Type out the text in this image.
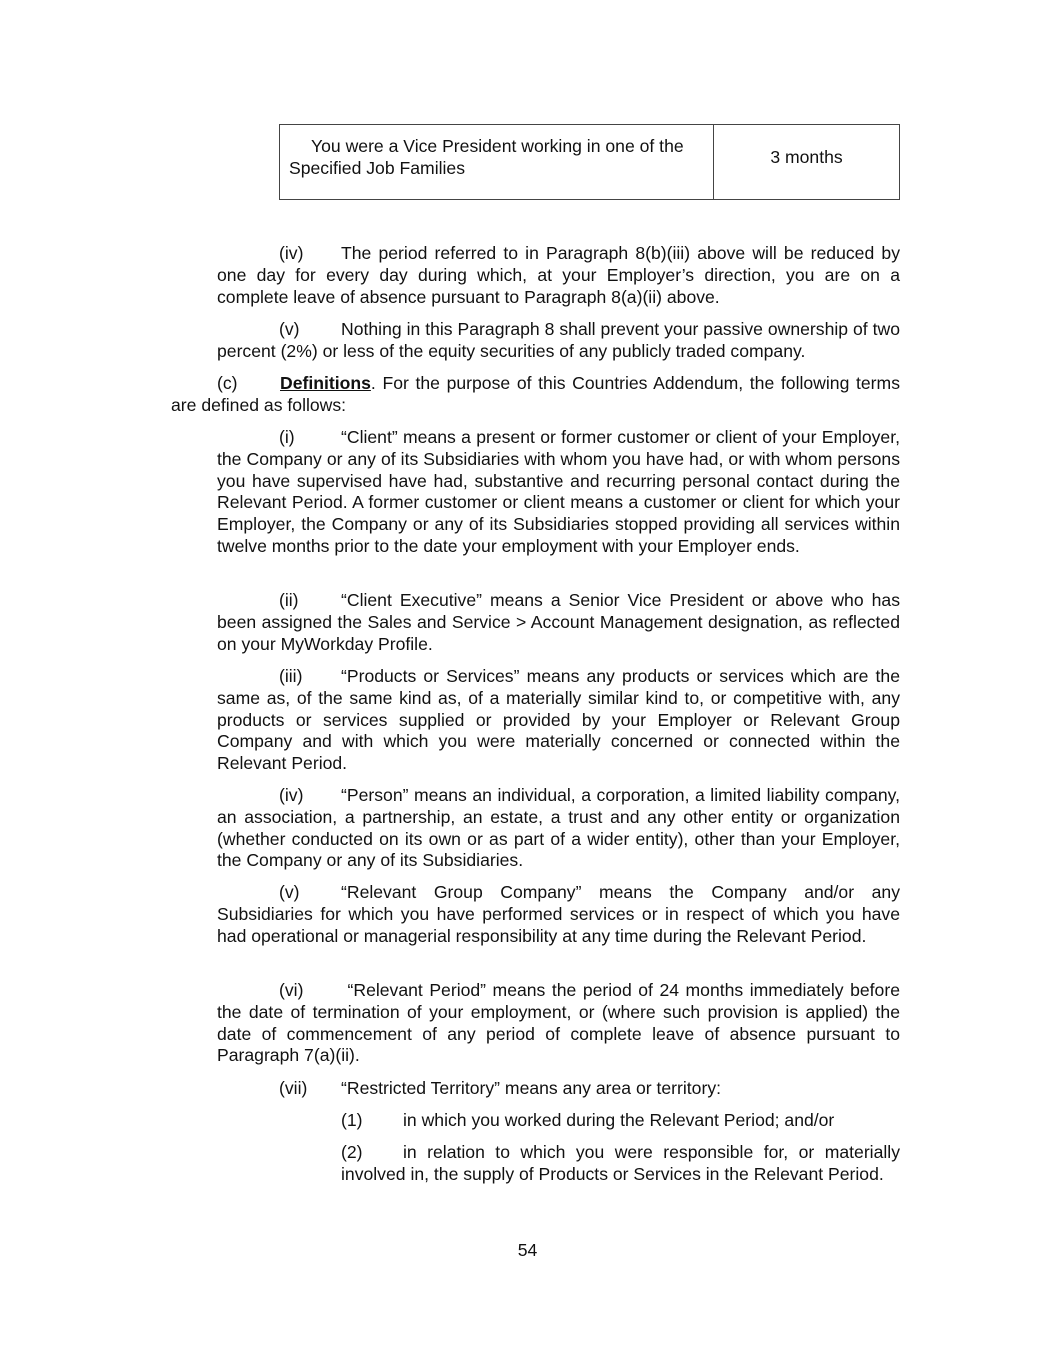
You were a Vice President working in one of the Specified Job Families
3 months

(iv) The period referred to in Paragraph 8(b)(iii) above will be reduced by one day for every day during which, at your Employer’s direction, you are on a complete leave of absence pursuant to Paragraph 8(a)(ii) above.

(v) Nothing in this Paragraph 8 shall prevent your passive ownership of two percent (2%) or less of the equity securities of any publicly traded company.

(c) Definitions. For the purpose of this Countries Addendum, the following terms are defined as follows:

(i)	“Client” means a present or former customer or client of your Employer, the Company or any of its Subsidiaries with whom you have had, or with whom persons you have supervised have had, substantive and recurring personal contact during the Relevant Period. A former customer or client means a customer or client for which your Employer, the Company or any of its Subsidiaries stopped providing all services within twelve months prior to the date your employment with your Employer ends.

(ii) “Client Executive” means a Senior Vice President or above who has been assigned the Sales and Service > Account Management designation, as reflected on your MyWorkday Profile.

(iii) “Products or Services” means any products or services which are the same as, of the same kind as, of a materially similar kind to, or competitive with, any products or services supplied or provided by your Employer or Relevant Group Company and with which you were materially concerned or connected within the Relevant Period.

(iv) “Person” means an individual, a corporation, a limited liability company, an association, a partnership, an estate, a trust and any other entity or organization (whether conducted on its own or as part of a wider entity), other than your Employer, the Company or any of its Subsidiaries.

(v) “Relevant Group Company” means the Company and/or any Subsidiaries for which you have performed services or in respect of which you have had operational or managerial responsibility at any time during the Relevant Period.

(vi) “Relevant Period” means the period of 24 months immediately before the date of termination of your employment, or (where such provision is applied) the date of commencement of any period of complete leave of absence pursuant to Paragraph 7(a)(ii).

(vii) “Restricted Territory” means any area or territory:

(1) in which you worked during the Relevant Period; and/or

(2) in relation to which you were responsible for, or materially involved in, the supply of Products or Services in the Relevant Period.

54
